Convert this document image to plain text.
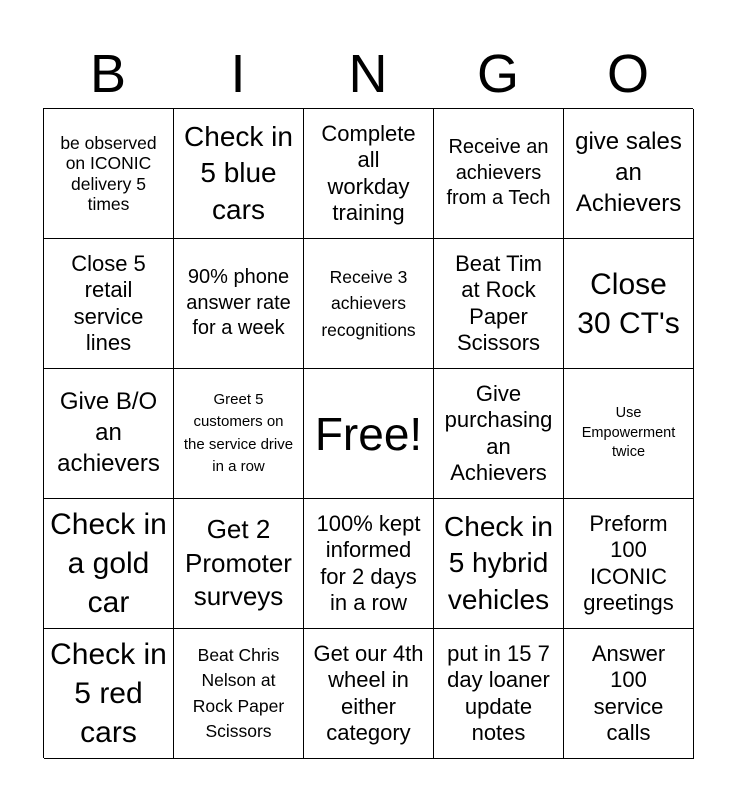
B	I	N	G	O
be observed on ICONIC delivery 5 times
Check in 5 blue cars
Complete all workday training
Receive an achievers from a Tech
give sales an Achievers
Close 5 retail service lines
90% phone answer rate for a week
Receive 3 achievers recognitions
Beat Tim at Rock Paper Scissors
Close 30 CT's
Give B/O an achievers
Greet 5 customers on the service drive in a row
Free!
Give purchasing an Achievers
Use Empowerment twice
Check in a gold car
Get 2 Promoter surveys
100% kept informed for 2 days in a row
Check in 5 hybrid vehicles
Preform 100 ICONIC greetings
Check in 5 red cars
Beat Chris Nelson at Rock Paper Scissors
Get our 4th wheel in either category
put in 15 7 day loaner update notes
Answer 100 service calls
